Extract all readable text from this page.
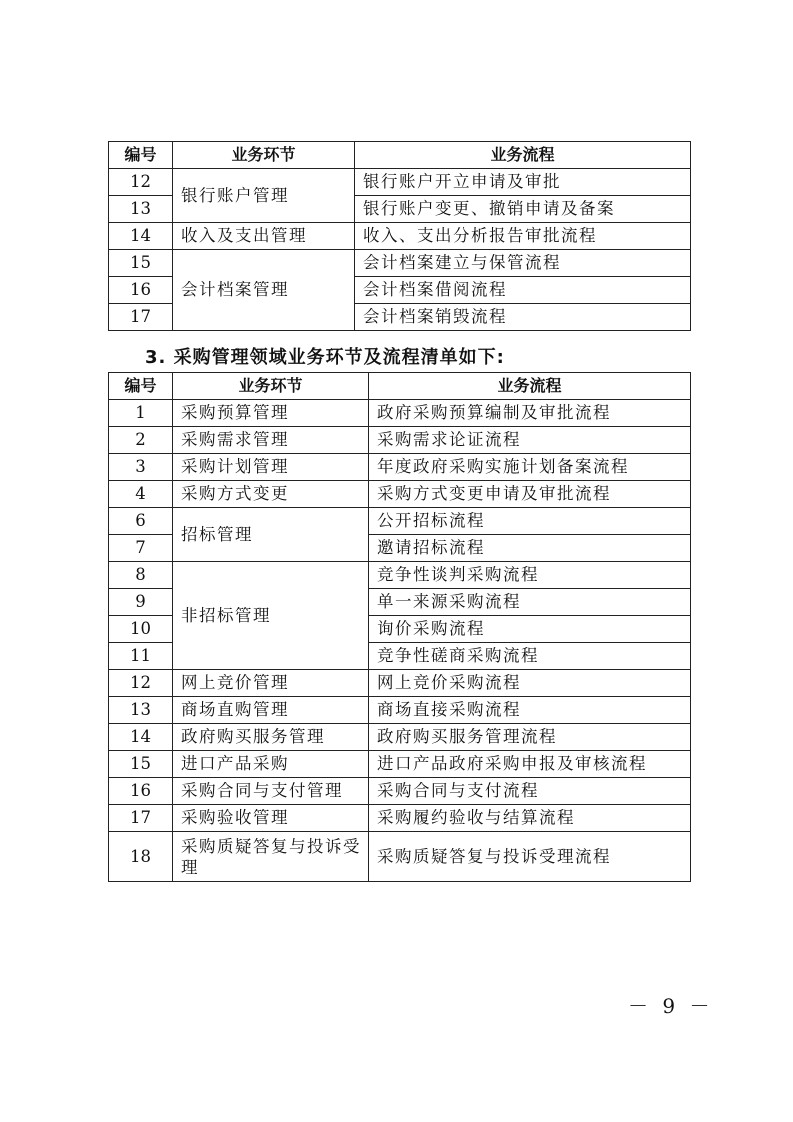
编号	业务环节	业务流程
12	银行账户管理	银行账户开立申请及审批
13		银行账户变更、撤销申请及备案
14	收入及支出管理	收入、支出分析报告审批流程
15	会计档案管理	会计档案建立与保管流程
16		会计档案借阅流程
17		会计档案销毁流程

3. 采购管理领域业务环节及流程清单如下:

编号	业务环节	业务流程
1	采购预算管理	政府采购预算编制及审批流程
2	采购需求管理	采购需求论证流程
3	采购计划管理	年度政府采购实施计划备案流程
4	采购方式变更	采购方式变更申请及审批流程
6	招标管理	公开招标流程
7		邀请招标流程
8	非招标管理	竞争性谈判采购流程
9		单一来源采购流程
10		询价采购流程
11		竞争性磋商采购流程
12	网上竞价管理	网上竞价采购流程
13	商场直购管理	商场直接采购流程
14	政府购买服务管理	政府购买服务管理流程
15	进口产品采购	进口产品政府采购申报及审核流程
16	采购合同与支付管理	采购合同与支付流程
17	采购验收管理	采购履约验收与结算流程
18	采购质疑答复与投诉受理	采购质疑答复与投诉受理流程
－ 9 －
